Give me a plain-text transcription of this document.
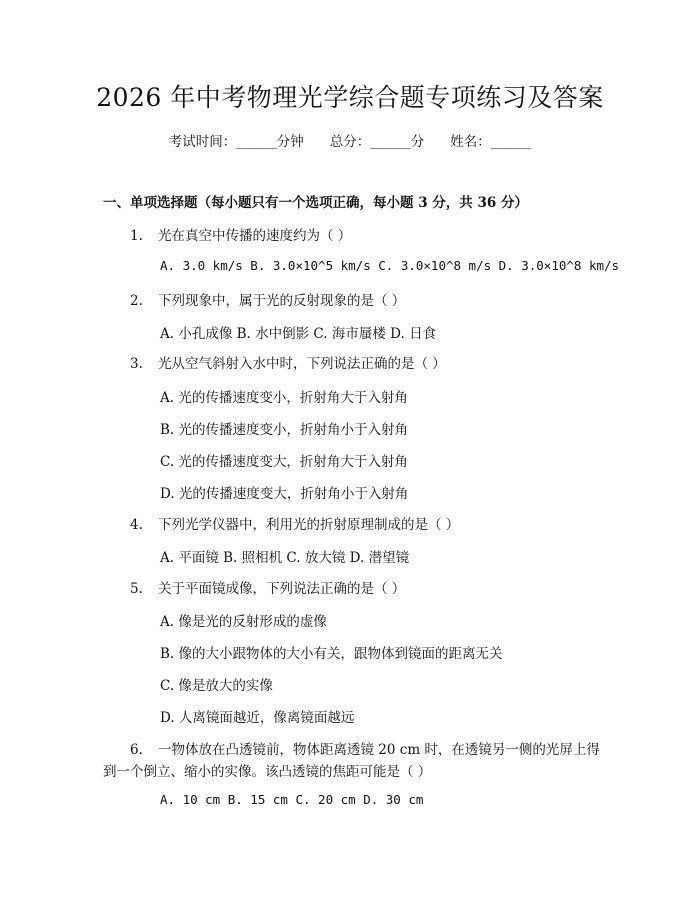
2026 年中考物理光学综合题专项练习及答案
考试时间：______分钟 总分：______分 姓名：______
一、单项选择题（每小题只有一个选项正确，每小题 3 分，共 36 分）
1. 光在真空中传播的速度约为（ ）
A. 3.0 km/s B. 3.0×10^5 km/s C. 3.0×10^8 m/s D. 3.0×10^8 km/s
2. 下列现象中，属于光的反射现象的是（ ）
A. 小孔成像 B. 水中倒影 C. 海市蜃楼 D. 日食
3. 光从空气斜射入水中时，下列说法正确的是（ ）
A. 光的传播速度变小，折射角大于入射角
B. 光的传播速度变小，折射角小于入射角
C. 光的传播速度变大，折射角大于入射角
D. 光的传播速度变大，折射角小于入射角
4. 下列光学仪器中，利用光的折射原理制成的是（ ）
A. 平面镜 B. 照相机 C. 放大镜 D. 潜望镜
5. 关于平面镜成像，下列说法正确的是（ ）
A. 像是光的反射形成的虚像
B. 像的大小跟物体的大小有关，跟物体到镜面的距离无关
C. 像是放大的实像
D. 人离镜面越近，像离镜面越远
6. 一物体放在凸透镜前，物体距离透镜 20 cm 时，在透镜另一侧的光屏上得
到一个倒立、缩小的实像。该凸透镜的焦距可能是（ ）
A. 10 cm B. 15 cm C. 20 cm D. 30 cm
